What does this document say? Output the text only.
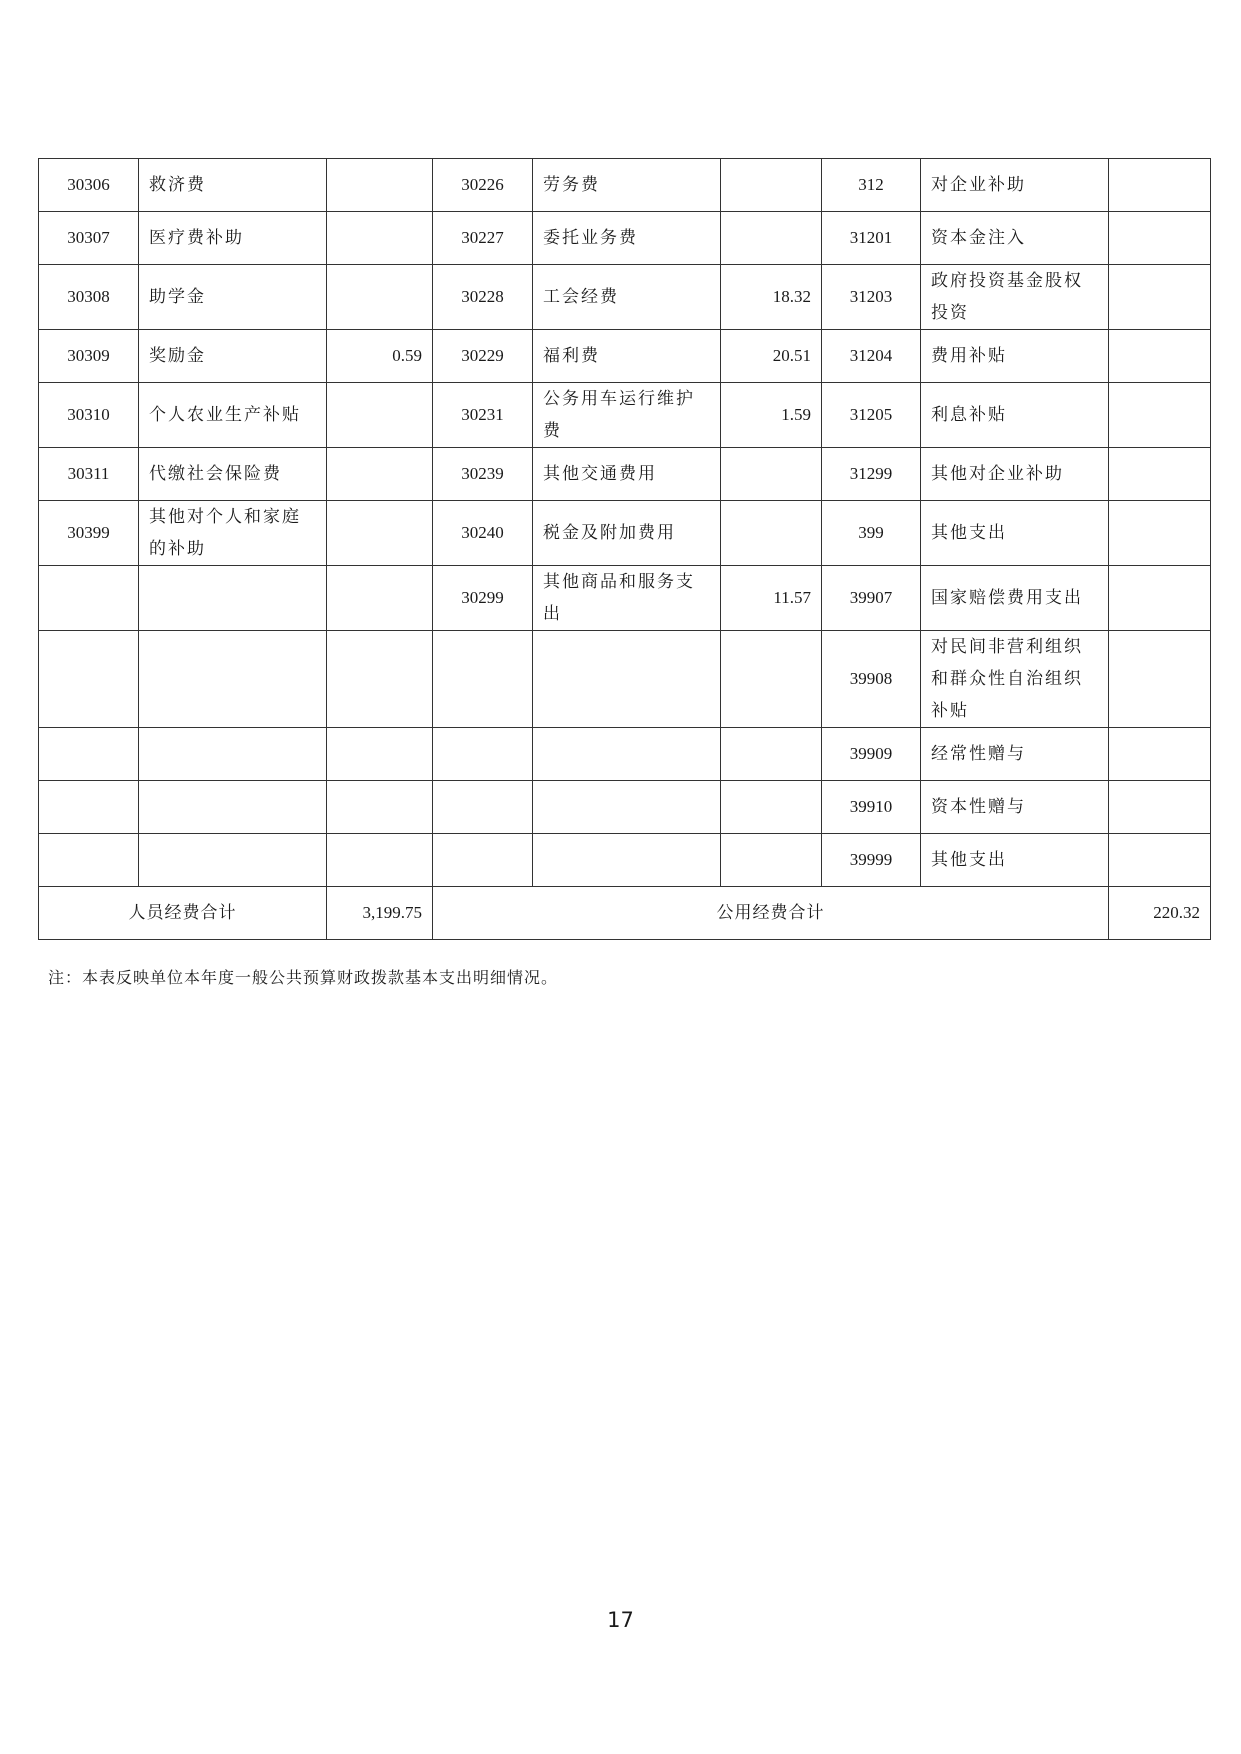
30306	救济费		30226	劳务费		312	对企业补助	
30307	医疗费补助		30227	委托业务费		31201	资本金注入	
30308	助学金		30228	工会经费	18.32	31203	政府投资基金股权投资	
30309	奖励金	0.59	30229	福利费	20.51	31204	费用补贴	
30310	个人农业生产补贴		30231	公务用车运行维护费	1.59	31205	利息补贴	
30311	代缴社会保险费		30239	其他交通费用		31299	其他对企业补助	
30399	其他对个人和家庭的补助		30240	税金及附加费用		399	其他支出	
			30299	其他商品和服务支出	11.57	39907	国家赔偿费用支出	
						39908	对民间非营利组织和群众性自治组织补贴	
						39909	经常性赠与	
						39910	资本性赠与	
						39999	其他支出	
人员经费合计		3,199.75	公用经费合计					220.32
注：本表反映单位本年度一般公共预算财政拨款基本支出明细情况。
17
